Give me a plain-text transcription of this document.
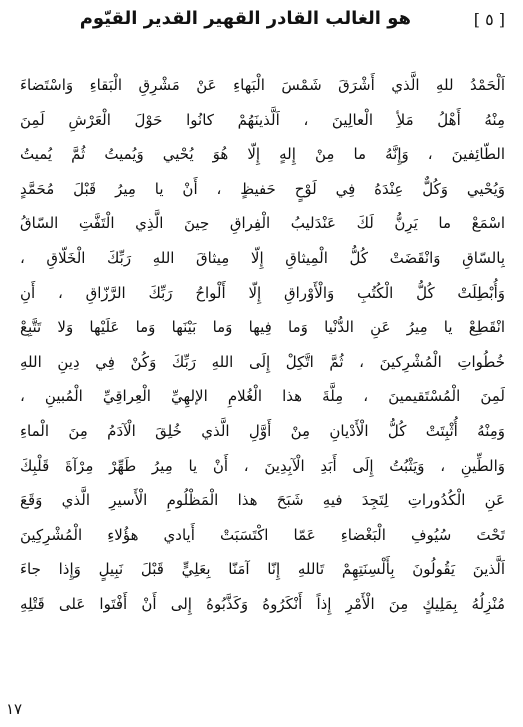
هو الغالب القادر القهير القدير القيّوم	[ ٥ ]
اَلْحَمْدُ للهِ الَّذي أَشْرَقَ شَمْسَ الْبَهاءِ عَنْ مَشْرِقِ الْبَقاءِ وَاسْتَضاءَ
مِنْهُ أَهْلُ مَلأِ الْعالِينَ ، اَلَّذينَهُمْ كانُوا حَوْلَ الْعَرْشِ لَمِنَ
الطّائِفينَ ، وَإِنَّهُ ما مِنْ إِلهٍ إِلّا هُوَ يُحْيي وَيُميتُ ثُمَّ يُميتُ
وَيُحْيي وَكُلٌّ عِنْدَهُ فِي لَوْحٍ حَفيظٍ ، أَنْ يا مِيرُ قَبْلَ مُحَمَّدٍ
اسْمَعْ ما يَرِنُّ لَكَ عَنْدَليبُ الْفِراقِ حِينَ الَّذِي الْتَفَّتِ السّاقُ
بِالسّاقِ وَانْقَضَتْ كُلُّ الْمِيثاقِ إِلّا مِيثاقَ اللهِ رَبِّكَ الْخَلّاقِ ،
وَأُبْطِلَتْ كُلُّ الْكُتُبِ وَالْأَوْراقِ إِلّا أَلْواحُ رَبِّكَ الرَّزّاقِ ، أَنِ
انْقَطِعْ يا مِيرُ عَنِ الدُّنْيا وَما فِيها وَما بَيْنَها وَما عَلَيْها وَلا تَتَّبِعْ
خُطُواتِ الْمُشْرِكينَ ، ثُمَّ اتَّكِلْ إِلَى اللهِ رَبِّكَ وَكُنْ فِي دِينِ اللهِ
لَمِنَ الْمُسْتَقيمينَ ، مِلَّةَ هذا الْغُلامِ الإلهِيِّ الْعِراقِيِّ الْمُبينِ ،
وَمِنْهُ أُثْبِتَتْ كُلُّ الْأَدْيانِ مِنْ أَوَّلِ الَّذي خُلِقَ الْآدَمُ مِنَ الْماءِ
وَالطِّينِ ، وَيَثْبُتُ إِلَى أَبَدِ الْآبِدِينَ ، أَنْ يا مِيرُ طَهِّرْ مِرْآةَ قَلْبِكَ
عَنِ الْكُدُوراتِ لِتَجِدَ فيهِ شَبَحَ هذا الْمَظْلُومِ الْأَسيرِ الَّذي وَقَعَ
تَحْتَ سُيُوفِ الْبَغْضاءِ عَمّا اكْتَسَبَتْ أَيادي هؤُلاءِ الْمُشْرِكِينَ
اَلَّذينَ يَقُولُونَ بِأَلْسِنَتِهِمْ تَاللهِ إِنّا آمَنّا بِعَلِيٍّ قَبْلَ نَبِيلٍ وَإِذا جاءَ
مُنْزِلُهُ بِمَلِيكٍ مِنَ الْأَمْرِ إِذاً أَنْكَرُوهُ وَكَذَّبُوهُ إِلى أَنْ أَفْتَوا عَلى قَتْلِهِ
١٧
